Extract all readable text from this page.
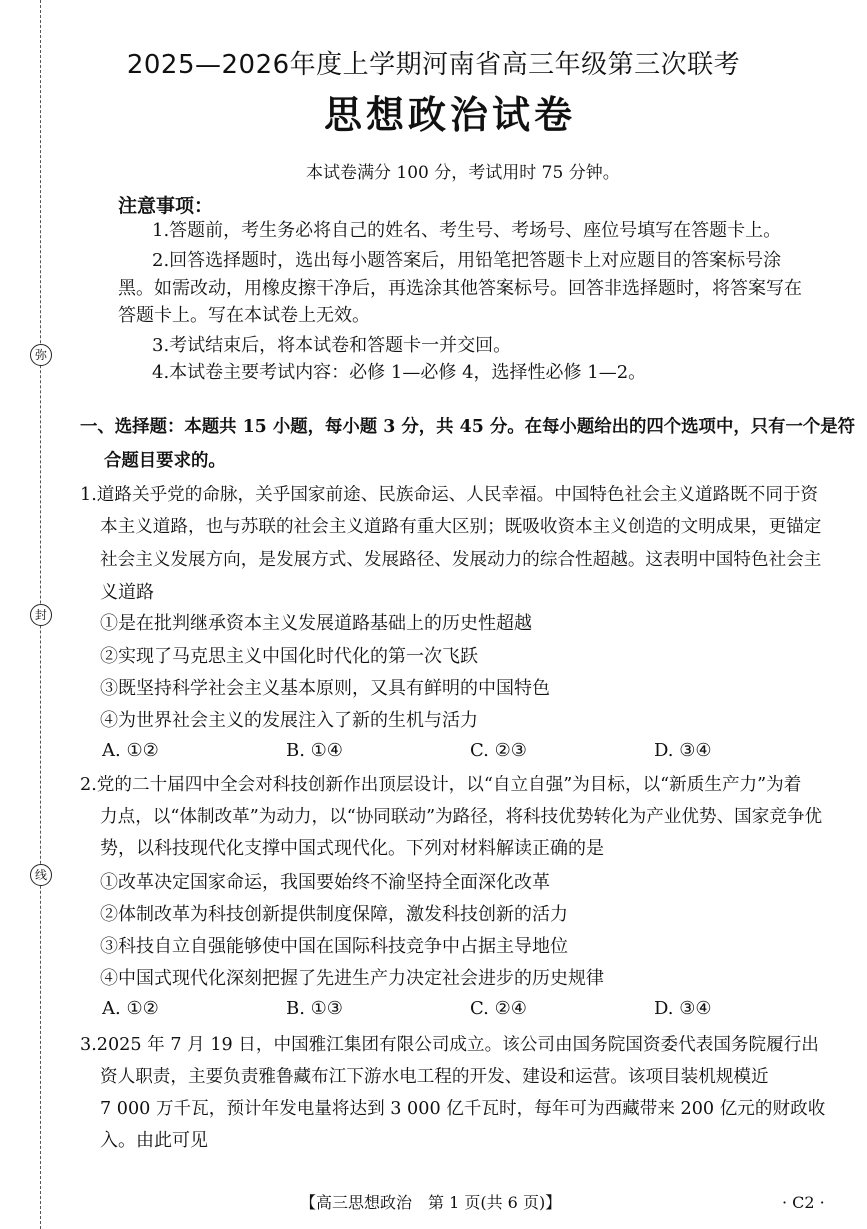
弥
封
线
2025—2026年度上学期河南省高三年级第三次联考
思想政治试卷
本试卷满分 100 分，考试用时 75 分钟。
注意事项：
1.答题前，考生务必将自己的姓名、考生号、考场号、座位号填写在答题卡上。
2.回答选择题时，选出每小题答案后，用铅笔把答题卡上对应题目的答案标号涂
黑。如需改动，用橡皮擦干净后，再选涂其他答案标号。回答非选择题时，将答案写在
答题卡上。写在本试卷上无效。
3.考试结束后，将本试卷和答题卡一并交回。
4.本试卷主要考试内容：必修 1—必修 4，选择性必修 1—2。
一、选择题：本题共 15 小题，每小题 3 分，共 45 分。在每小题给出的四个选项中，只有一个是符
合题目要求的。
1.道路关乎党的命脉，关乎国家前途、民族命运、人民幸福。中国特色社会主义道路既不同于资
本主义道路，也与苏联的社会主义道路有重大区别；既吸收资本主义创造的文明成果，更锚定
社会主义发展方向，是发展方式、发展路径、发展动力的综合性超越。这表明中国特色社会主
义道路
①是在批判继承资本主义发展道路基础上的历史性超越
②实现了马克思主义中国化时代化的第一次飞跃
③既坚持科学社会主义基本原则，又具有鲜明的中国特色
④为世界社会主义的发展注入了新的生机与活力
A. ①②	B. ①④	C. ②③	D. ③④
2.党的二十届四中全会对科技创新作出顶层设计，以“自立自强”为目标，以“新质生产力”为着
力点，以“体制改革”为动力，以“协同联动”为路径，将科技优势转化为产业优势、国家竞争优
势，以科技现代化支撑中国式现代化。下列对材料解读正确的是
①改革决定国家命运，我国要始终不渝坚持全面深化改革
②体制改革为科技创新提供制度保障，激发科技创新的活力
③科技自立自强能够使中国在国际科技竞争中占据主导地位
④中国式现代化深刻把握了先进生产力决定社会进步的历史规律
A. ①②	B. ①③	C. ②④	D. ③④
3.2025 年 7 月 19 日，中国雅江集团有限公司成立。该公司由国务院国资委代表国务院履行出
资人职责，主要负责雅鲁藏布江下游水电工程的开发、建设和运营。该项目装机规模近
7 000 万千瓦，预计年发电量将达到 3 000 亿千瓦时，每年可为西藏带来 200 亿元的财政收
入。由此可见
【高三思想政治　第 1 页(共 6 页)】	· C2 ·
